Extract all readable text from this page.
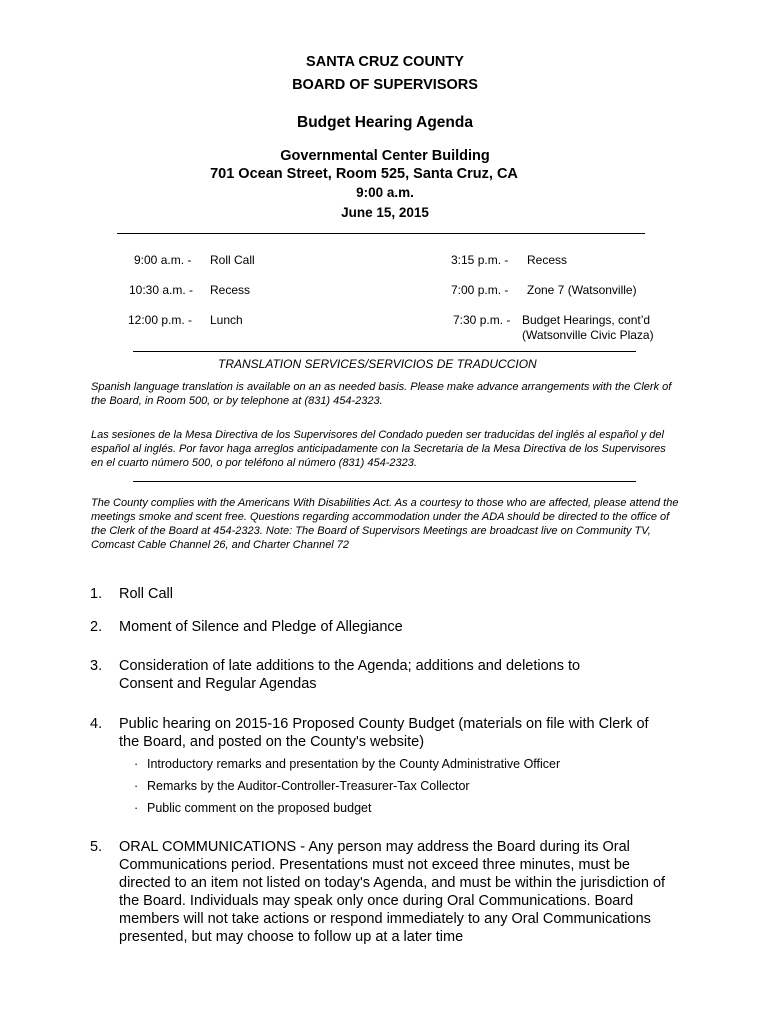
SANTA CRUZ COUNTY
BOARD OF SUPERVISORS
Budget Hearing Agenda
Governmental Center Building
701 Ocean Street, Room 525, Santa Cruz, CA
9:00 a.m.
June 15, 2015
9:00 a.m. - Roll Call
10:30 a.m. - Recess
12:00 p.m. - Lunch
3:15 p.m. - Recess
7:00 p.m. - Zone 7 (Watsonville)
7:30 p.m. - Budget Hearings, cont’d
(Watsonville Civic Plaza)
TRANSLATION SERVICES/SERVICIOS DE TRADUCCION
Spanish language translation is available on an as needed basis. Please make advance arrangements with the Clerk of the Board, in Room 500, or by telephone at (831) 454-2323.
Las sesiones de la Mesa Directiva de los Supervisores del Condado pueden ser traducidas del inglés al español y del español al inglés. Por favor haga arreglos anticipadamente con la Secretaria de la Mesa Directiva de los Supervisores en el cuarto número 500, o por teléfono al número (831) 454-2323.
The County complies with the Americans With Disabilities Act. As a courtesy to those who are affected, please attend the meetings smoke and scent free. Questions regarding accommodation under the ADA should be directed to the office of the Clerk of the Board at 454-2323. Note: The Board of Supervisors Meetings are broadcast live on Community TV, Comcast Cable Channel 26, and Charter Channel 72
1. Roll Call
2. Moment of Silence and Pledge of Allegiance
3. Consideration of late additions to the Agenda; additions and deletions to Consent and Regular Agendas
4. Public hearing on 2015-16 Proposed County Budget (materials on file with Clerk of the Board, and posted on the County's website)
· Introductory remarks and presentation by the County Administrative Officer
· Remarks by the Auditor-Controller-Treasurer-Tax Collector
· Public comment on the proposed budget
5. ORAL COMMUNICATIONS - Any person may address the Board during its Oral Communications period. Presentations must not exceed three minutes, must be directed to an item not listed on today's Agenda, and must be within the jurisdiction of the Board. Individuals may speak only once during Oral Communications. Board members will not take actions or respond immediately to any Oral Communications presented, but may choose to follow up at a later time
